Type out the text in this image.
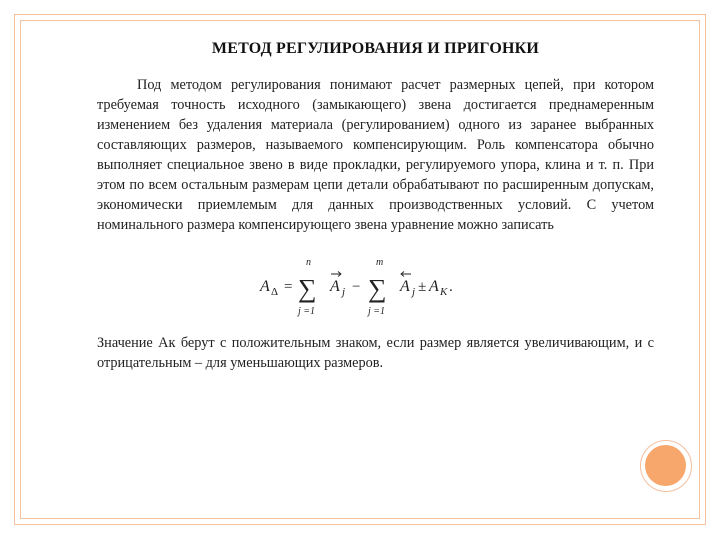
МЕТОД РЕГУЛИРОВАНИЯ И ПРИГОНКИ

Под методом регулирования понимают расчет размерных цепей, при котором требуемая точность исходного (замыкающего) звена достигается преднамеренным изменением без удаления материала (регулированием) одного из заранее выбранных составляющих размеров, называемого компенсирующим. Роль компенсатора обычно выполняет специальное звено в виде прокладки, регулируемого упора, клина и т. п. При этом по всем остальным размерам цепи детали обрабатывают по расширенным допускам, экономически приемлемым для данных производственных условий. С учетом номинального размера компенсирующего звена уравнение можно записать

A Δ =
n
∑
j =1
A j −
m
∑
j =1
A j ± A K .

Значение Ак берут с положительным знаком, если размер является увеличивающим, и с отрицательным – для уменьшающих размеров.
